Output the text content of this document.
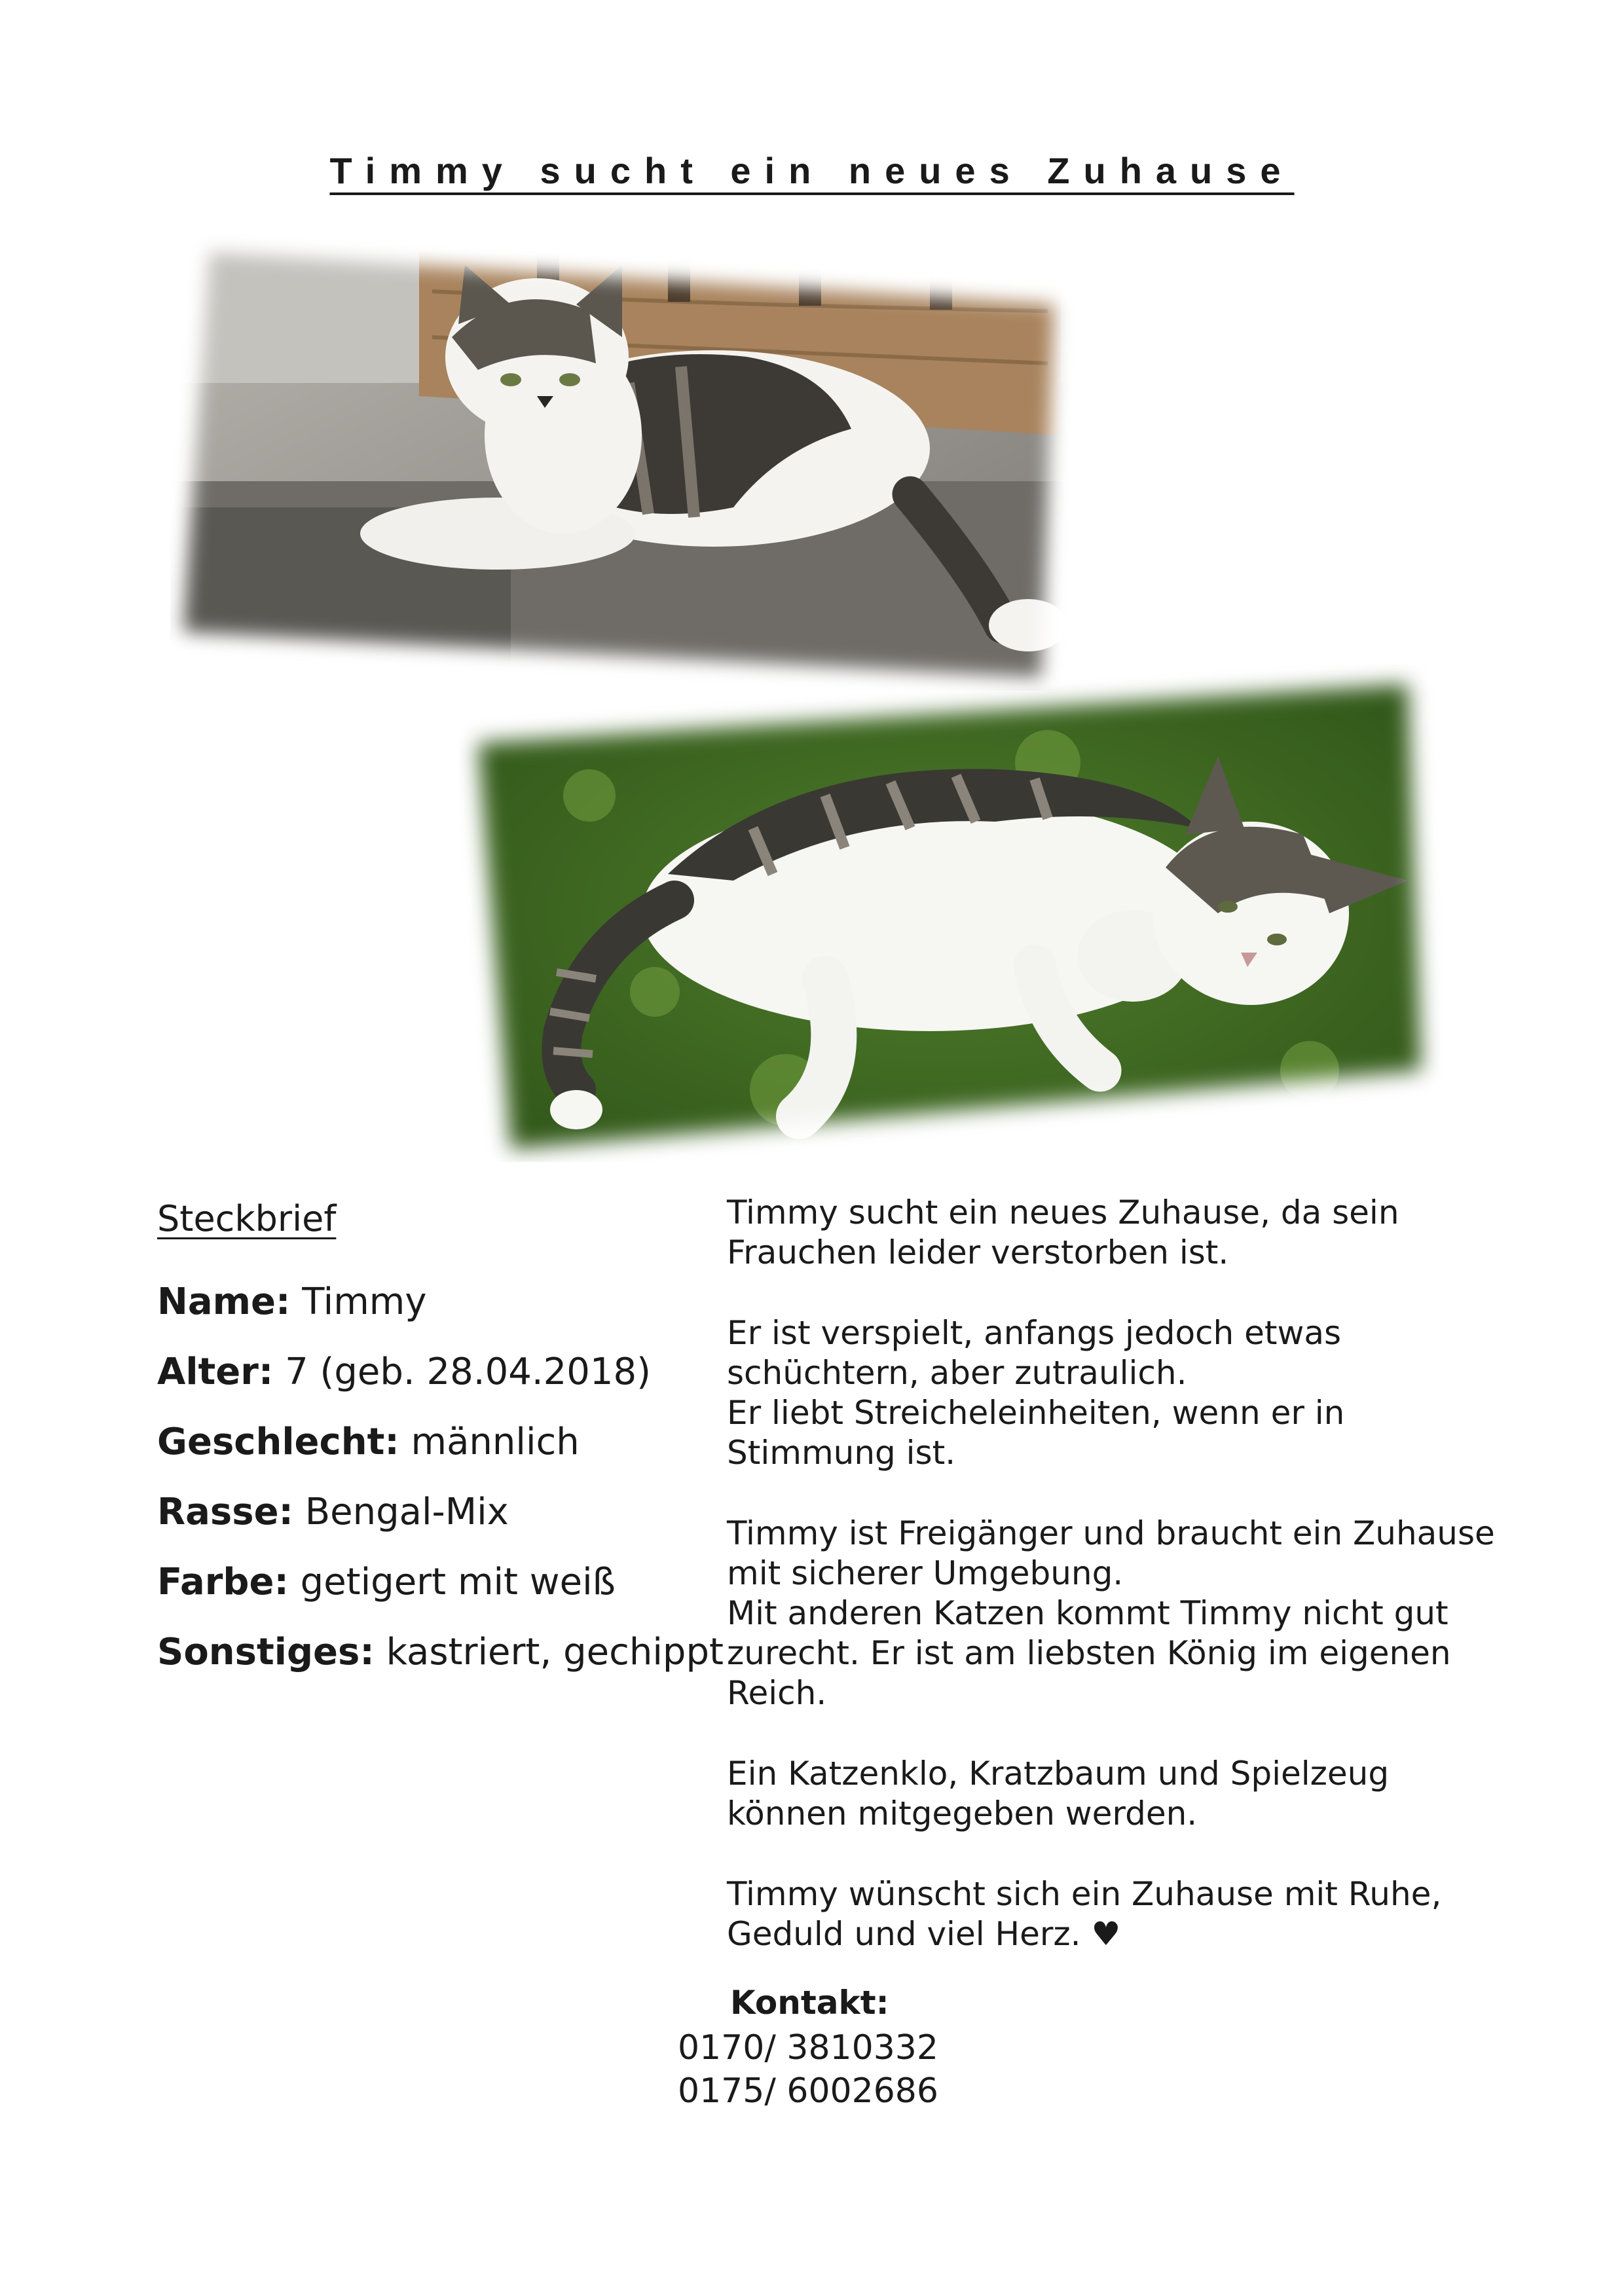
Timmy sucht ein neues Zuhause
Steckbrief
Name: Timmy
Alter: 7 (geb. 28.04.2018)
Geschlecht: männlich
Rasse: Bengal-Mix
Farbe: getigert mit weiß
Sonstiges: kastriert, gechippt

Timmy sucht ein neues Zuhause, da sein
Frauchen leider verstorben ist.

Er ist verspielt, anfangs jedoch etwas
schüchtern, aber zutraulich.
Er liebt Streicheleinheiten, wenn er in
Stimmung ist.

Timmy ist Freigänger und braucht ein Zuhause
mit sicherer Umgebung.
Mit anderen Katzen kommt Timmy nicht gut
zurecht. Er ist am liebsten König im eigenen
Reich.

Ein Katzenklo, Kratzbaum und Spielzeug
können mitgegeben werden.

Timmy wünscht sich ein Zuhause mit Ruhe,
Geduld und viel Herz. ♥

Kontakt:
0170/ 3810332
0175/ 6002686
